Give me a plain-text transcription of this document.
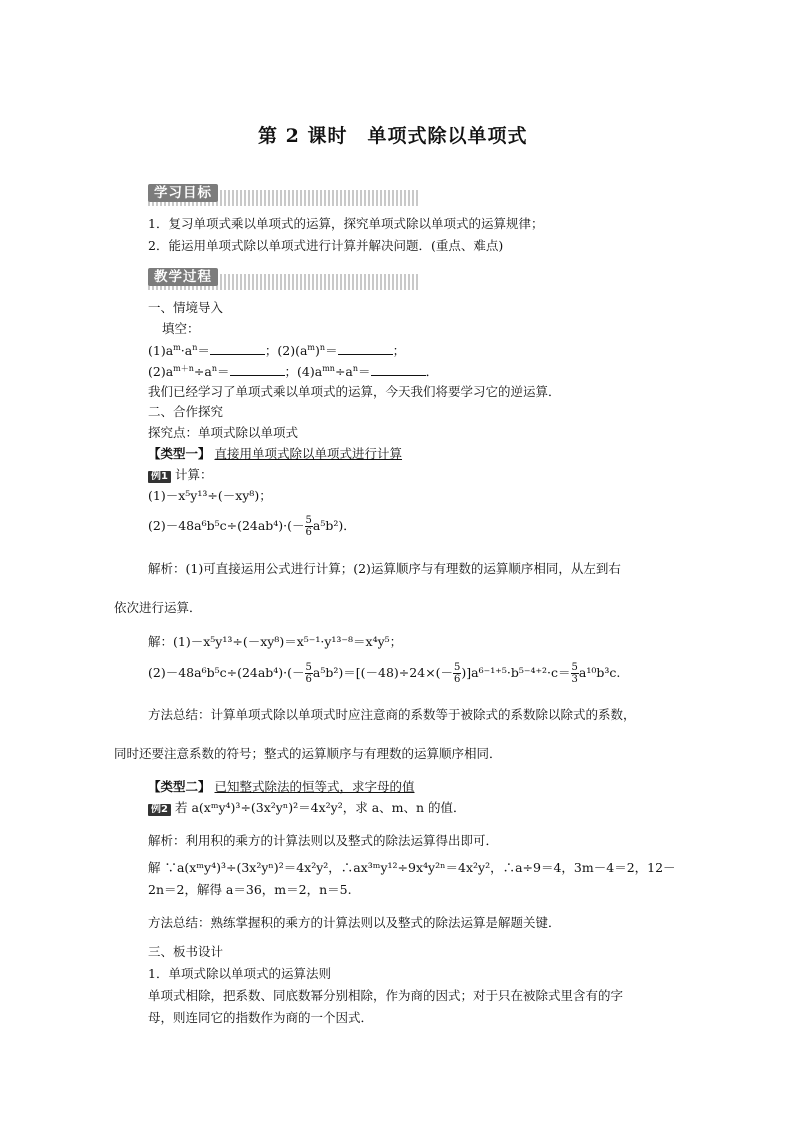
第 2 课时　单项式除以单项式
学习目标
1．复习单项式乘以单项式的运算，探究单项式除以单项式的运算规律；
2．能运用单项式除以单项式进行计算并解决问题．(重点、难点)
教学过程
一、情境导入
填空：
$(1)a^m\cdot a^n=$	；$(2)(a^m)^n=$	；
$(2)a^{m+n}\div a^n=$	；$(4)a^{mn}\div a^n=$	．
我们已经学习了单项式乘以单项式的运算，今天我们将要学习它的逆运算．
二、合作探究
探究点：单项式除以单项式
【类型一】 直接用单项式除以单项式进行计算
例1 计算：
(1)－x⁵y¹³÷(－xy⁸)；
$(2)-48a^6b^5c\div(24ab^4)\cdot(- \frac{5}{6} a^5b^2)$．
解析：(1)可直接运用公式进行计算；(2)运算顺序与有理数的运算顺序相同，从左到右
依次进行运算．
解：(1)－x⁵y¹³÷(－xy⁸)＝x⁵⁻¹·y¹³⁻⁸＝x⁴y⁵；
$(2)-48a^6b^5c\div(24ab^4)\cdot(- \frac{5}{6} a^5b^2)=[(-48)\div 24\times(- \frac{5}{6} )]a^{6-1+5}\cdot b^{5-4+2}\cdot c= \frac{5}{3} a^{10}b^3c$.
方法总结：计算单项式除以单项式时应注意商的系数等于被除式的系数除以除式的系数，
同时还要注意系数的符号；整式的运算顺序与有理数的运算顺序相同．
【类型二】 已知整式除法的恒等式，求字母的值
例2 若 a(xᵐy⁴)³÷(3x²yⁿ)²＝4x²y²，求 a、m、n 的值．
解析：利用积的乘方的计算法则以及整式的除法运算得出即可．
解 ∵a(xᵐy⁴)³÷(3x²yⁿ)²＝4x²y²，∴ax³ᵐy¹²÷9x⁴y²ⁿ＝4x²y²，∴a÷9＝4，3m－4＝2，12－
2n＝2，解得 a＝36，m＝2，n＝5.
方法总结：熟练掌握积的乘方的计算法则以及整式的除法运算是解题关键．
三、板书设计
1．单项式除以单项式的运算法则
单项式相除，把系数、同底数幂分别相除，作为商的因式；对于只在被除式里含有的字
母，则连同它的指数作为商的一个因式．
